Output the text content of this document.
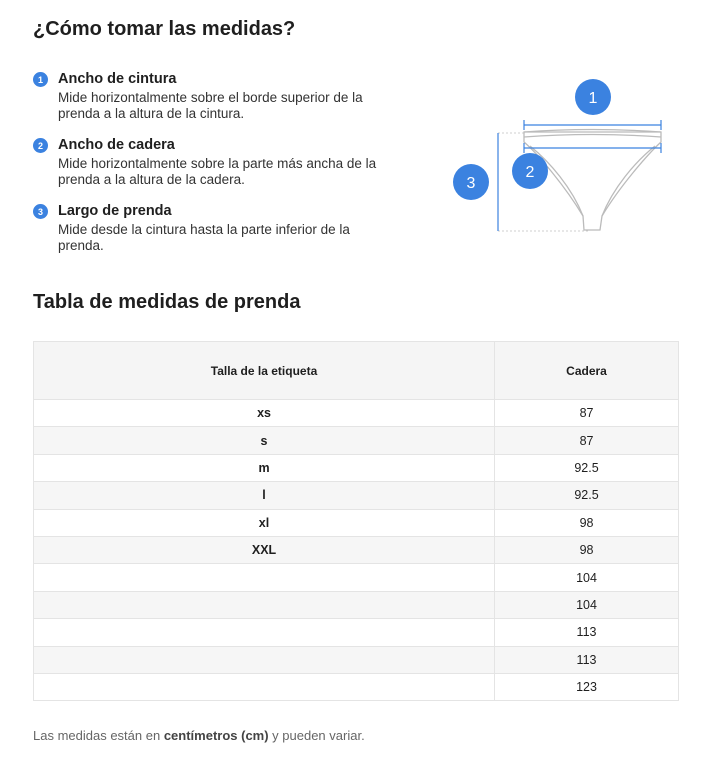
¿Cómo tomar las medidas?
1	Ancho de cintura
Mide horizontalmente sobre el borde superior de la prenda a la altura de la cintura.
2	Ancho de cadera
Mide horizontalmente sobre la parte más ancha de la prenda a la altura de la cadera.
3	Largo de prenda
Mide desde la cintura hasta la parte inferior de la prenda.
1
2
3
Tabla de medidas de prenda
Talla de la etiqueta	Cadera
xs	87
s	87
m	92.5
l	92.5
xl	98
XXL	98
	104
	104
	113
	113
	123
Las medidas están en centímetros (cm) y pueden variar.
